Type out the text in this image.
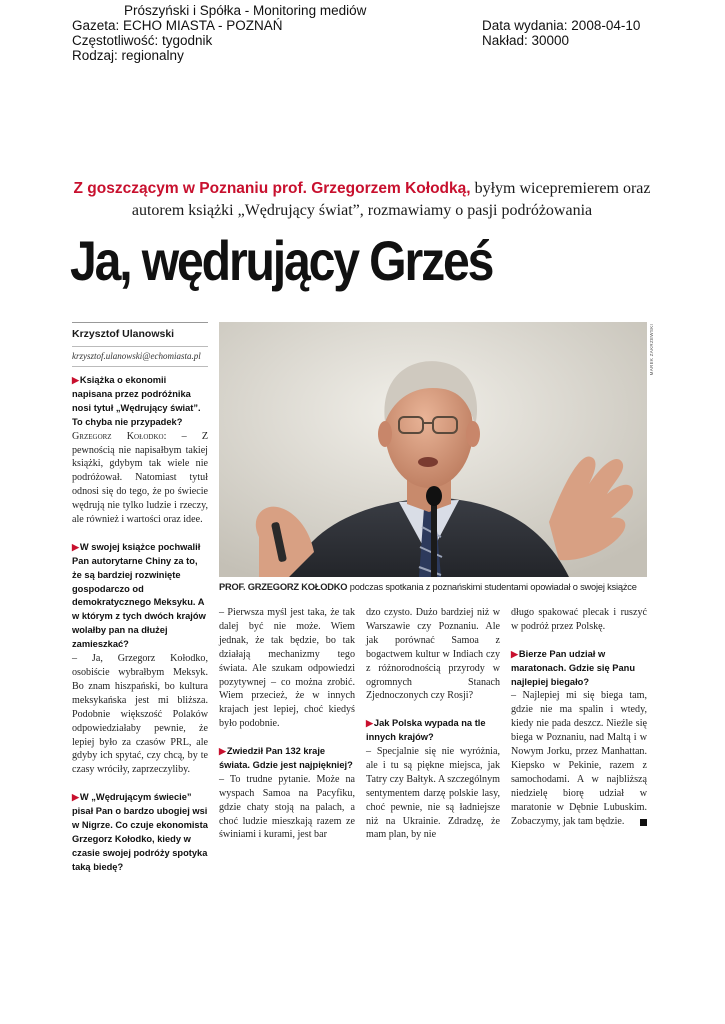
Prószyński i Spółka - Monitoring mediów
Gazeta: ECHO MIASTA - POZNAŃ	Data wydania: 2008-04-10
Częstotliwość: tygodnik	Nakład: 30000
Rodzaj: regionalny
Z goszczącym w Poznaniu prof. Grzegorzem Kołodką, byłym wicepremierem oraz autorem książki „Wędrujący świat”, rozmawiamy o pasji podróżowania
Ja, wędrujący Grześ
Krzysztof Ulanowski
krzysztof.ulanowski@echomiasta.pl	MAREK ZAKRZEWSKI
PROF. GRZEGORZ KOŁODKO podczas spotkania z poznańskimi studentami opowiadał o swojej książce

▶Książka o ekonomii napisana przez podróżnika nosi tytuł „Wędrujący świat”. To chyba nie przypadek?

Grzegorz Kołodko: – Z pewnością nie napisałbym takiej książki, gdybym tak wiele nie podróżował. Natomiast tytuł odnosi się do tego, że po świecie wędrują nie tylko ludzie i rzeczy, ale również i wartości oraz idee.

▶W swojej książce pochwalił Pan autorytarne Chiny za to, że są bardziej rozwinięte gospodarczo od demokratycznego Meksyku. A w którym z tych dwóch krajów wolałby pan na dłużej zamieszkać?

– Ja, Grzegorz Kołodko, osobiście wybrałbym Meksyk. Bo znam hiszpański, bo kultura meksykańska jest mi bliższa. Podobnie większość Polaków odpowiedziałaby pewnie, że lepiej było za czasów PRL, ale gdyby ich spytać, czy chcą, by te czasy wróciły, zaprzeczyliby.

▶W „Wędrującym świecie” pisał Pan o bardzo ubogiej wsi w Nigrze. Co czuje ekonomista Grzegorz Kołodko, kiedy w czasie swojej podróży spotyka taką biedę?

– Pierwsza myśl jest taka, że tak dalej być nie może. Wiem jednak, że tak będzie, bo tak działają mechanizmy tego świata. Ale szukam odpowiedzi pozytywnej – co można zrobić. Wiem przecież, że w innych krajach jest lepiej, choć kiedyś było podobnie.

▶Zwiedził Pan 132 kraje świata. Gdzie jest najpiękniej?

– To trudne pytanie. Może na wyspach Samoa na Pacyfiku, gdzie chaty stoją na palach, a choć ludzie mieszkają razem ze świniami i kurami, jest bar

dzo czysto. Dużo bardziej niż w Warszawie czy Poznaniu. Ale jak porównać Samoa z bogactwem kultur w Indiach czy z różnorodnością przyrody w ogromnych Stanach Zjednoczonych czy Rosji?

▶Jak Polska wypada na tle innych krajów?

– Specjalnie się nie wyróżnia, ale i tu są piękne miejsca, jak Tatry czy Bałtyk. A szczególnym sentymentem darzę polskie lasy, choć pewnie, nie są ładniejsze niż na Ukrainie. Zdradzę, że mam plan, by nie

długo spakować plecak i ruszyć w podróż przez Polskę.

▶Bierze Pan udział w maratonach. Gdzie się Panu najlepiej biegało?

– Najlepiej mi się biega tam, gdzie nie ma spalin i wtedy, kiedy nie pada deszcz. Nieźle się biega w Poznaniu, nad Maltą i w Nowym Jorku, przez Manhattan. Kiepsko w Pekinie, razem z samochodami. A w najbliższą niedzielę biorę udział w maratonie w Dębnie Lubuskim. Zobaczymy, jak tam będzie.
